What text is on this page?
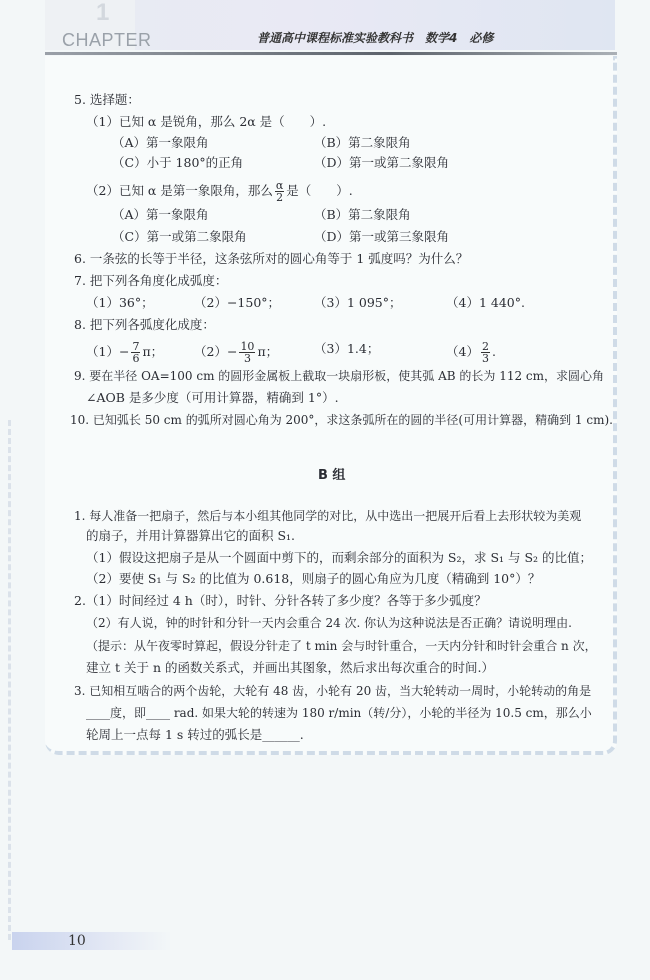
1
CHAPTER	普通高中课程标准实验教科书　数学4　必修
5. 选择题：
（1）已知 α 是锐角，那么 2α 是（　　）.
（A）第一象限角	（B）第二象限角
（C）小于 180°的正角	（D）第一或第二象限角
（2）已知 α 是第一象限角，那么 $\frac{\alpha}{2}$ 是（　　）.
（A）第一象限角	（B）第二象限角
（C）第一或第二象限角	（D）第一或第三象限角
6. 一条弦的长等于半径，这条弦所对的圆心角等于 1 弧度吗？为什么？
7. 把下列各角度化成弧度：
（1）36°；	（2）−150°；	（3）1 095°；	（4）1 440°.
8. 把下列各弧度化成度：
$(1)- \frac{7}{6}$ π； $(2)- \frac{10}{3}$ π；	（3）1.4；	$(4) \frac{2}{3}$ .
9. 要在半径 OA=100 cm 的圆形金属板上截取一块扇形板，使其弧 AB 的长为 112 cm，求圆心角
∠AOB 是多少度（可用计算器，精确到 1°）.
10. 已知弧长 50 cm 的弧所对圆心角为 200°，求这条弧所在的圆的半径(可用计算器，精确到 1 cm).
B 组
1. 每人准备一把扇子，然后与本小组其他同学的对比，从中选出一把展开后看上去形状较为美观
的扇子，并用计算器算出它的面积 S₁.
（1）假设这把扇子是从一个圆面中剪下的，而剩余部分的面积为 S₂，求 S₁ 与 S₂ 的比值；
（2）要使 S₁ 与 S₂ 的比值为 0.618，则扇子的圆心角应为几度（精确到 10°）？
2.（1）时间经过 4 h（时），时针、分针各转了多少度？各等于多少弧度？
（2）有人说，钟的时针和分针一天内会重合 24 次. 你认为这种说法是否正确？请说明理由.
（提示：从午夜零时算起，假设分针走了 t min 会与时针重合，一天内分针和时针会重合 n 次，
建立 t 关于 n 的函数关系式，并画出其图象，然后求出每次重合的时间.）
3. 已知相互啮合的两个齿轮，大轮有 48 齿，小轮有 20 齿，当大轮转动一周时，小轮转动的角是
____度，即____ rad. 如果大轮的转速为 180 r/min（转/分），小轮的半径为 10.5 cm，那么小
轮周上一点每 1 s 转过的弧长是______.
10
